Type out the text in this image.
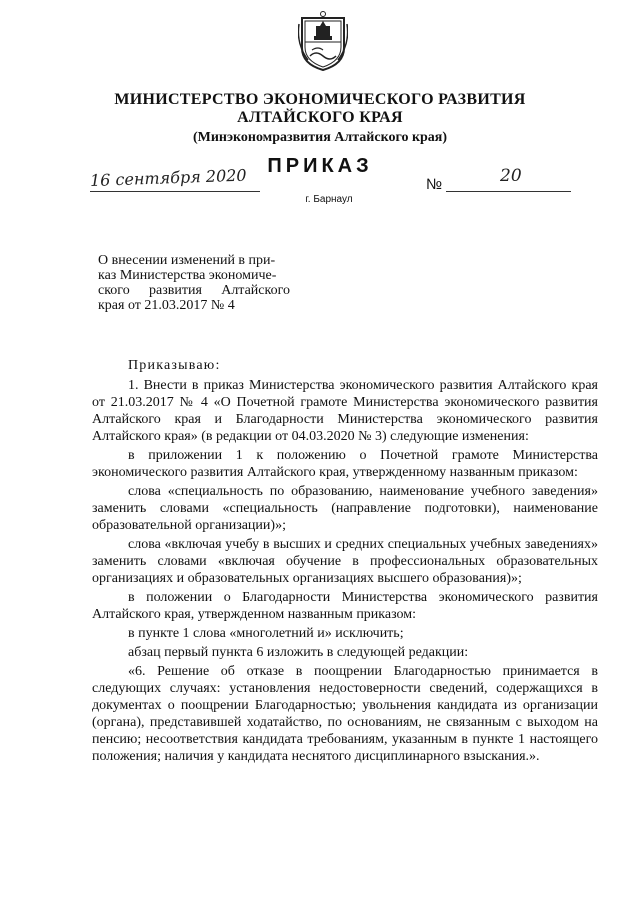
МИНИСТЕРСТВО ЭКОНОМИЧЕСКОГО РАЗВИТИЯ
АЛТАЙСКОГО КРАЯ
(Минэкономразвития Алтайского края)
ПРИКАЗ
16 сентября 2020	№	20
г. Барнаул
О внесении изменений в при-
каз Министерства экономиче-
ского развития Алтайского
края от 21.03.2017 № 4
Приказываю:
1. Внести в приказ Министерства экономического развития Алтайского края от 21.03.2017 № 4 «О Почетной грамоте Министерства экономического развития Алтайского края и Благодарности Министерства экономического развития Алтайского края» (в редакции от 04.03.2020 № 3) следующие изменения:
в приложении 1 к положению о Почетной грамоте Министерства экономического развития Алтайского края, утвержденному названным приказом:
слова «специальность по образованию, наименование учебного заведения» заменить словами «специальность (направление подготовки), наименование образовательной организации)»;
слова «включая учебу в высших и средних специальных учебных заведениях» заменить словами «включая обучение в профессиональных образовательных организациях и образовательных организациях высшего образования)»;
в положении о Благодарности Министерства экономического развития Алтайского края, утвержденном названным приказом:
в пункте 1 слова «многолетний и» исключить;
абзац первый пункта 6 изложить в следующей редакции:
«6. Решение об отказе в поощрении Благодарностью принимается в следующих случаях: установления недостоверности сведений, содержащихся в документах о поощрении Благодарностью; увольнения кандидата из организации (органа), представившей ходатайство, по основаниям, не связанным с выходом на пенсию; несоответствия кандидата требованиям, указанным в пункте 1 настоящего положения; наличия у кандидата неснятого дисциплинарного взыскания.».
